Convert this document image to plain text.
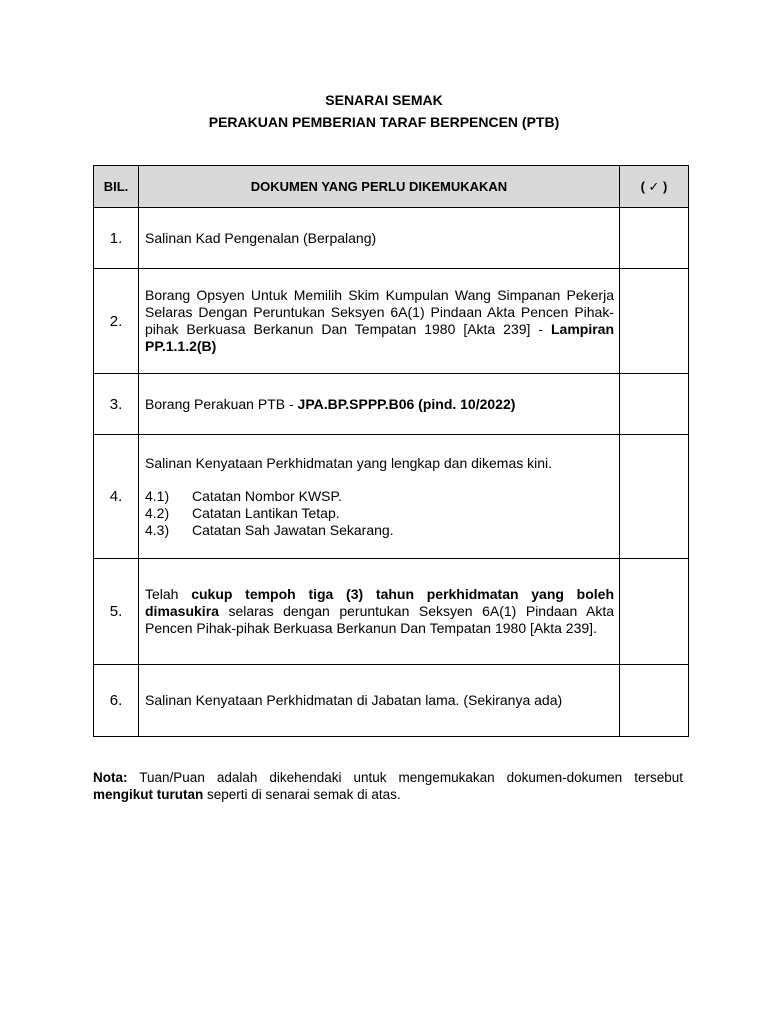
SENARAI SEMAK
PERAKUAN PEMBERIAN TARAF BERPENCEN (PTB)
BIL.	DOKUMEN YANG PERLU DIKEMUKAKAN	( ✓ )
1.	Salinan Kad Pengenalan (Berpalang)	

2.	Borang Opsyen Untuk Memilih Skim Kumpulan Wang Simpanan Pekerja Selaras Dengan Peruntukan Seksyen 6A(1) Pindaan Akta Pencen Pihak-pihak Berkuasa Berkanun Dan Tempatan 1980 [Akta 239] - Lampiran PP.1.1.2(B)	

3.	Borang Perakuan PTB - JPA.BP.SPPP.B06 (pind. 10/2022)	

4.	Salinan Kenyataan Perkhidmatan yang lengkap dan dikemas kini.

4.1) Catatan Nombor KWSP.

4.2) Catatan Lantikan Tetap.

4.3) Catatan Sah Jawatan Sekarang.	

5.	Telah cukup tempoh tiga (3) tahun perkhidmatan yang boleh dimasukira selaras dengan peruntukan Seksyen 6A(1) Pindaan Akta Pencen Pihak-pihak Berkuasa Berkanun Dan Tempatan 1980 [Akta 239].	

6.	Salinan Kenyataan Perkhidmatan di Jabatan lama. (Sekiranya ada)	

Nota: Tuan/Puan adalah dikehendaki untuk mengemukakan dokumen-dokumen tersebut mengikut turutan seperti di senarai semak di atas.
